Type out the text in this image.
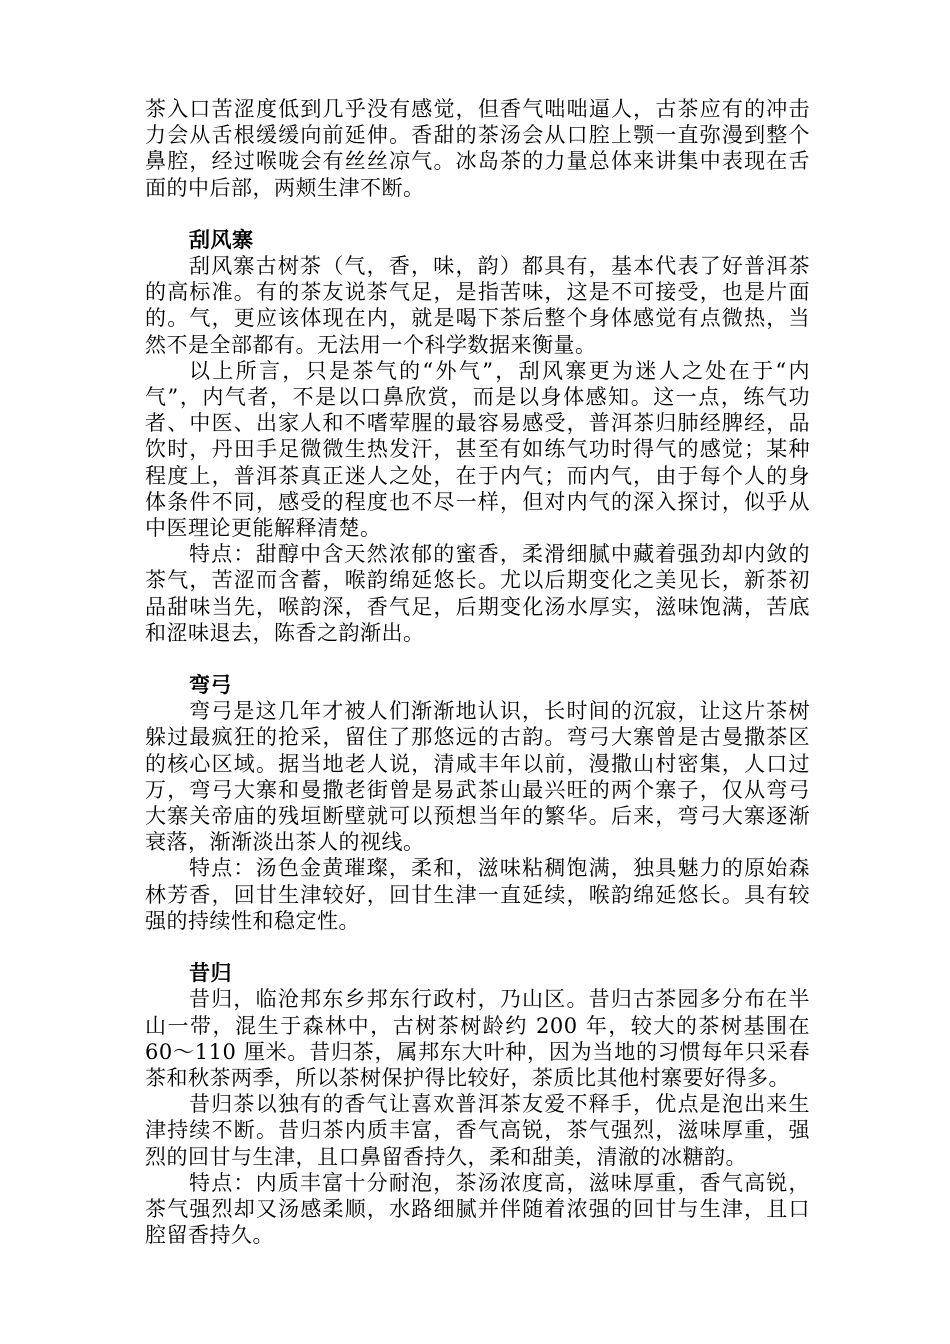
茶入口苦涩度低到几乎没有感觉，但香气咄咄逼人，古茶应有的冲击力会从舌根缓缓向前延伸。香甜的茶汤会从口腔上颚一直弥漫到整个鼻腔，经过喉咙会有丝丝凉气。冰岛茶的力量总体来讲集中表现在舌面的中后部，两颊生津不断。

刮风寨

刮风寨古树茶（气，香，味，韵）都具有，基本代表了好普洱茶的高标准。有的茶友说茶气足，是指苦味，这是不可接受，也是片面的。气，更应该体现在内，就是喝下茶后整个身体感觉有点微热，当然不是全部都有。无法用一个科学数据来衡量。

以上所言，只是茶气的“外气”，刮风寨更为迷人之处在于“内气”，内气者，不是以口鼻欣赏，而是以身体感知。这一点，练气功者、中医、出家人和不嗜荤腥的最容易感受，普洱茶归肺经脾经，品饮时，丹田手足微微生热发汗，甚至有如练气功时得气的感觉；某种程度上，普洱茶真正迷人之处，在于内气；而内气，由于每个人的身体条件不同，感受的程度也不尽一样，但对内气的深入探讨，似乎从中医理论更能解释清楚。

特点：甜醇中含天然浓郁的蜜香，柔滑细腻中藏着强劲却内敛的茶气，苦涩而含蓄，喉韵绵延悠长。尤以后期变化之美见长，新茶初品甜味当先，喉韵深，香气足，后期变化汤水厚实，滋味饱满，苦底和涩味退去，陈香之韵渐出。

弯弓

弯弓是这几年才被人们渐渐地认识，长时间的沉寂，让这片茶树躲过最疯狂的抢采，留住了那悠远的古韵。弯弓大寨曾是古曼撒茶区的核心区域。据当地老人说，清咸丰年以前，漫撒山村密集，人口过万，弯弓大寨和曼撒老街曾是易武茶山最兴旺的两个寨子，仅从弯弓大寨关帝庙的残垣断壁就可以预想当年的繁华。后来，弯弓大寨逐渐衰落，渐渐淡出茶人的视线。

特点：汤色金黄璀璨，柔和，滋味粘稠饱满，独具魅力的原始森林芳香，回甘生津较好，回甘生津一直延续，喉韵绵延悠长。具有较强的持续性和稳定性。

昔归

昔归，临沧邦东乡邦东行政村，乃山区。昔归古茶园多分布在半山一带，混生于森林中，古树茶树龄约 200 年，较大的茶树基围在 60～110 厘米。昔归茶，属邦东大叶种，因为当地的习惯每年只采春茶和秋茶两季，所以茶树保护得比较好，茶质比其他村寨要好得多。

昔归茶以独有的香气让喜欢普洱茶友爱不释手，优点是泡出来生津持续不断。昔归茶内质丰富，香气高锐，茶气强烈，滋味厚重，强烈的回甘与生津，且口鼻留香持久，柔和甜美，清澈的冰糖韵。

特点：内质丰富十分耐泡，茶汤浓度高，滋味厚重，香气高锐，茶气强烈却又汤感柔顺，水路细腻并伴随着浓强的回甘与生津，且口腔留香持久。
